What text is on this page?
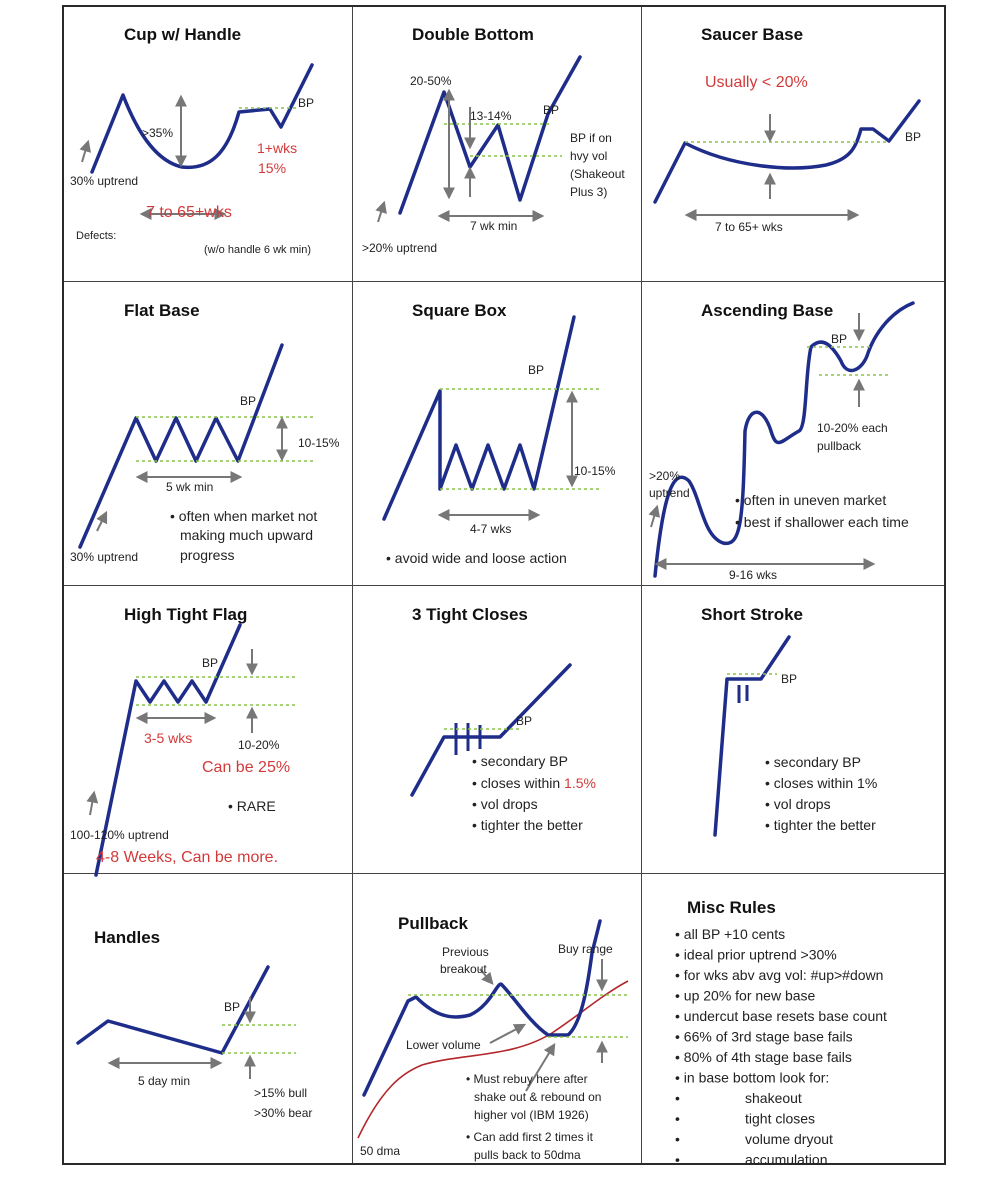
Cup w/ Handle
BP
>35%
1+wks
15%
30% uptrend
7 to 65+wks
Defects:
(w/o handle 6 wk min)
Double Bottom
20-50%
13-14%	BP
BP if on
hvy vol
(Shakeout
Plus 3)
7 wk min
>20% uptrend
Saucer Base
Usually < 20%
BP
7 to 65+ wks
Flat Base
BP
10-15%
5 wk min
• often when market not
making much upward
progress
30% uptrend
Square Box
BP
10-15%
4-7 wks
• avoid wide and loose action
Ascending Base
BP
10-20% each
pullback
>20%
uptrend	• often in uneven market
• best if shallower each time
9-16 wks
High Tight Flag
BP
3-5 wks	10-20%
Can be 25%
• RARE
100-120% uptrend
4-8 Weeks, Can be more.
3 Tight Closes
BP
• secondary BP
• closes within 1.5%
• vol drops
• tighter the better
Short Stroke
BP
• secondary BP
• closes within 1%
• vol drops
• tighter the better
Handles
BP
5 day min
>15% bull
>30% bear
Pullback
Previous
breakout
Buy range
Lower volume
50 dma
• Must rebuy here after
shake out & rebound on
higher vol (IBM 1926)
• Can add first 2 times it
pulls back to 50dma
Misc Rules
• all BP +10 cents
• ideal prior uptrend >30%
• for wks abv avg vol: #up>#down
• up 20% for new base
• undercut base resets base count
• 66% of 3rd stage base fails
• 80% of 4th stage base fails
• in base bottom look for:
•	shakeout
•	tight closes
•	volume dryout
•	accumulation
